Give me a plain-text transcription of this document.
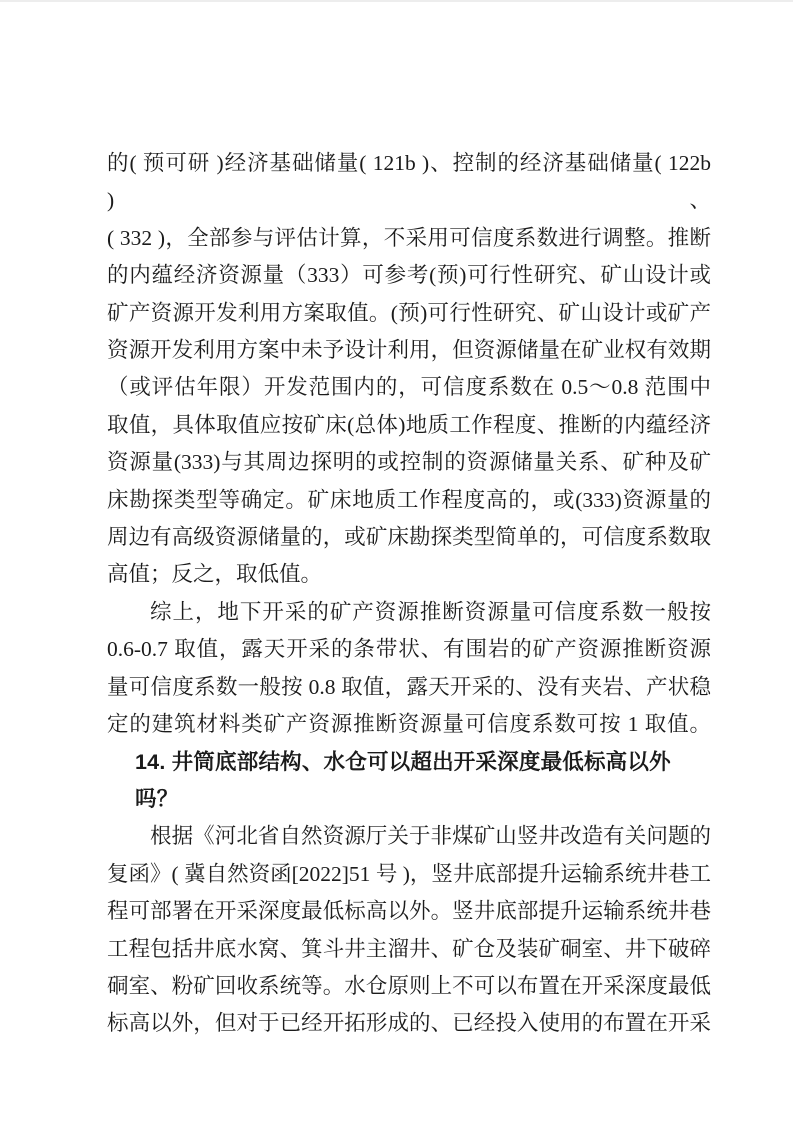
的( 预可研 )经济基础储量( 121b )、控制的经济基础储量( 122b )、
( 332 )，全部参与评估计算，不采用可信度系数进行调整。推断
的内蕴经济资源量（333）可参考(预)可行性研究、矿山设计或
矿产资源开发利用方案取值。(预)可行性研究、矿山设计或矿产
资源开发利用方案中未予设计利用，但资源储量在矿业权有效期
（或评估年限）开发范围内的，可信度系数在 0.5～0.8 范围中
取值，具体取值应按矿床(总体)地质工作程度、推断的内蕴经济
资源量(333)与其周边探明的或控制的资源储量关系、矿种及矿
床勘探类型等确定。矿床地质工作程度高的，或(333)资源量的
周边有高级资源储量的，或矿床勘探类型简单的，可信度系数取
高值；反之，取低值。
综上，地下开采的矿产资源推断资源量可信度系数一般按
0.6-0.7 取值，露天开采的条带状、有围岩的矿产资源推断资源
量可信度系数一般按 0.8 取值，露天开采的、没有夹岩、产状稳
定的建筑材料类矿产资源推断资源量可信度系数可按 1 取值。
14. 井筒底部结构、水仓可以超出开采深度最低标高以外吗？
根据《河北省自然资源厅关于非煤矿山竖井改造有关问题的
复函》( 冀自然资函[2022]51 号 )，竖井底部提升运输系统井巷工
程可部署在开采深度最低标高以外。竖井底部提升运输系统井巷
工程包括井底水窝、箕斗井主溜井、矿仓及装矿硐室、井下破碎
硐室、粉矿回收系统等。水仓原则上不可以布置在开采深度最低
标高以外，但对于已经开拓形成的、已经投入使用的布置在开采
